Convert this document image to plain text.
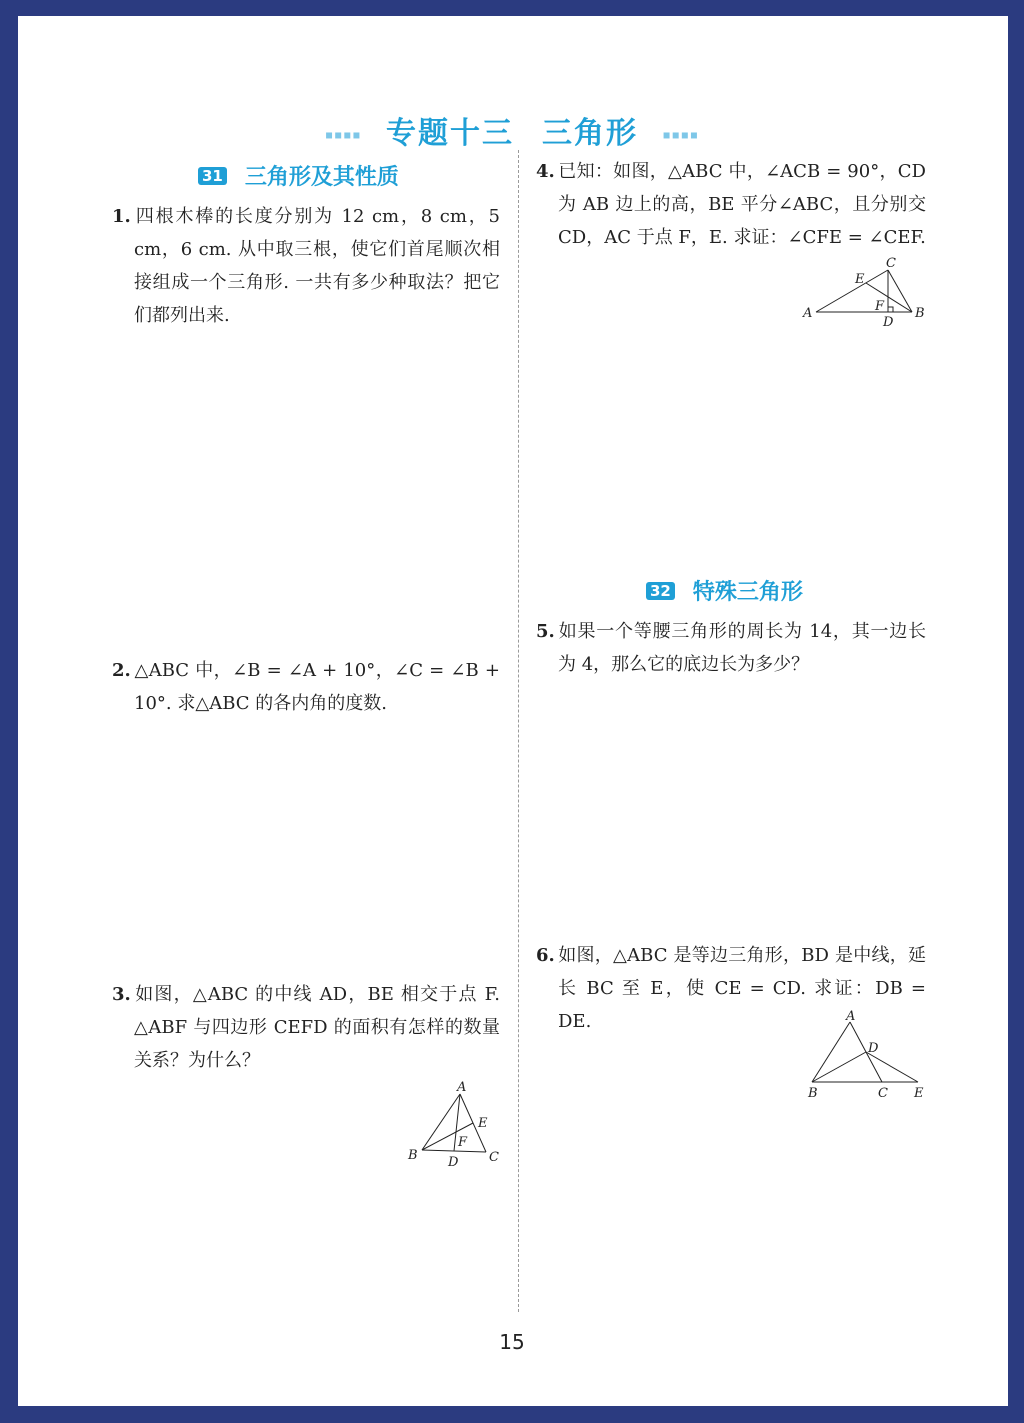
▪▪▪▪ 专题十三 三角形 ▪▪▪▪
31 三角形及其性质

1. 四根木棒的长度分别为 12 cm，8 cm，5 cm，6 cm. 从中取三根，使它们首尾顺次相接组成一个三角形. 一共有多少种取法？把它们都列出来.

2. △ABC 中，∠B = ∠A + 10°，∠C = ∠B + 10°. 求△ABC 的各内角的度数.

3. 如图，△ABC 的中线 AD，BE 相交于点 F. △ABF 与四边形 CEFD 的面积有怎样的数量关系？为什么？

A
B	C
D
E
F

4. 已知：如图，△ABC 中，∠ACB = 90°，CD 为 AB 边上的高，BE 平分∠ABC，且分别交 CD，AC 于点 F，E. 求证：∠CFE = ∠CEF.

A	B
C
D
E
F
32 特殊三角形

5. 如果一个等腰三角形的周长为 14，其一边长为 4，那么它的底边长为多少？

6. 如图，△ABC 是等边三角形，BD 是中线，延长 BC 至 E，使 CE = CD. 求证：DB = DE.	A
B	C
D
E
15
